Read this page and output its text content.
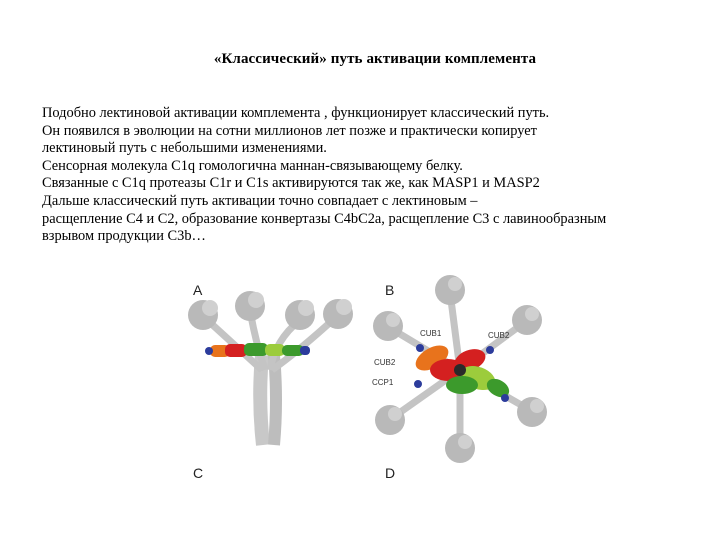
«Классический» путь активации комплемента
Подобно лектиновой активации комплемента , функционирует классический путь.
Он появился в эволюции на сотни миллионов лет позже и практически копирует
лектиновый путь с небольшими изменениями.
Сенсорная молекула С1q гомологична маннан-связывающему белку.
Связанные с С1q протеазы С1r и C1s активируются так же, как MASP1 и MASP2
Дальше классический путь активации точно совпадает с лектиновым –
расщепление С4 и С2, образование конвертазы С4bС2а, расщепление С3 с лавинообразным
взрывом продукции С3b…
A	B
C	D
CUB1	CUB2
CUB2
CCP1
